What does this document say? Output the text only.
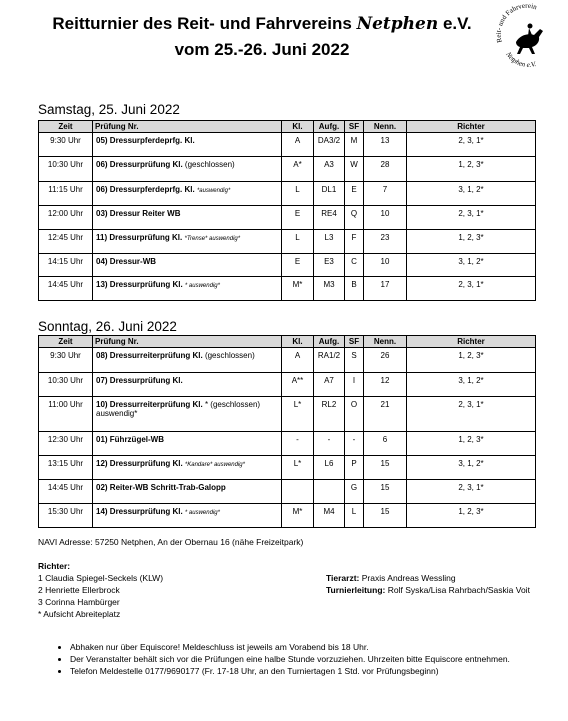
Reitturnier des Reit- und Fahrvereins Netphen e.V.
vom 25.-26. Juni 2022	Reit- und Fahrverein
Netphen e.V.
Samstag, 25. Juni 2022
Zeit	Prüfung Nr.	Kl.	Aufg.	SF	Nenn.	Richter
9:30 Uhr	05) Dressurpferdeprfg. Kl.	A	DA3/2	M	13	2, 3, 1*
10:30 Uhr	06) Dressurprüfung Kl. (geschlossen)	A*	A3	W	28	1, 2, 3*
11:15 Uhr	06) Dressurpferdeprfg. Kl. *auswendig*	L	DL1	E	7	3, 1, 2*
12:00 Uhr	03) Dressur Reiter WB	E	RE4	Q	10	2, 3, 1*
12:45 Uhr	11) Dressurprüfung Kl. *Trense* auswendig*	L	L3	F	23	1, 2, 3*
14:15 Uhr	04) Dressur-WB	E	E3	C	10	3, 1, 2*
14:45 Uhr	13) Dressurprüfung Kl. * auswendig*	M*	M3	B	17	2, 3, 1*
Sonntag, 26. Juni 2022
Zeit	Prüfung Nr.	Kl.	Aufg.	SF	Nenn.	Richter
9:30 Uhr	08) Dressurreiterprüfung Kl. (geschlossen)	A	RA1/2	S	26	1, 2, 3*
10:30 Uhr	07) Dressurprüfung Kl.	A**	A7	I	12	3, 1, 2*
11:00 Uhr	10) Dressurreiterprüfung Kl. * (geschlossen) auswendig*	L*	RL2	O	21	2, 3, 1*
12:30 Uhr	01) Führzügel-WB	-	-	-	6	1, 2, 3*
13:15 Uhr	12) Dressurprüfung Kl. *Kandare* auswendig*	L*	L6	P	15	3, 1, 2*
14:45 Uhr	02) Reiter-WB Schritt-Trab-Galopp			G	15	2, 3, 1*
15:30 Uhr	14) Dressurprüfung Kl. * auswendig*	M*	M4	L	15	1, 2, 3*
NAVI Adresse: 57250 Netphen, An der Obernau 16 (nähe Freizeitpark)
Richter:
1 Claudia Spiegel-Seckels (KLW)
2 Henriette Ellerbrock
3 Corinna Hambürger
* Aufsicht Abreiteplatz
Tierarzt: Praxis Andreas Wessling
Turnierleitung: Rolf Syska/Lisa Rahrbach/Saskia Voit
• Abhaken nur über Equiscore! Meldeschluss ist jeweils am Vorabend bis 18 Uhr.
• Der Veranstalter behält sich vor die Prüfungen eine halbe Stunde vorzuziehen. Uhrzeiten bitte Equiscore entnehmen.
• Telefon Meldestelle 0177/9690177 (Fr. 17-18 Uhr, an den Turniertagen 1 Std. vor Prüfungsbeginn)
